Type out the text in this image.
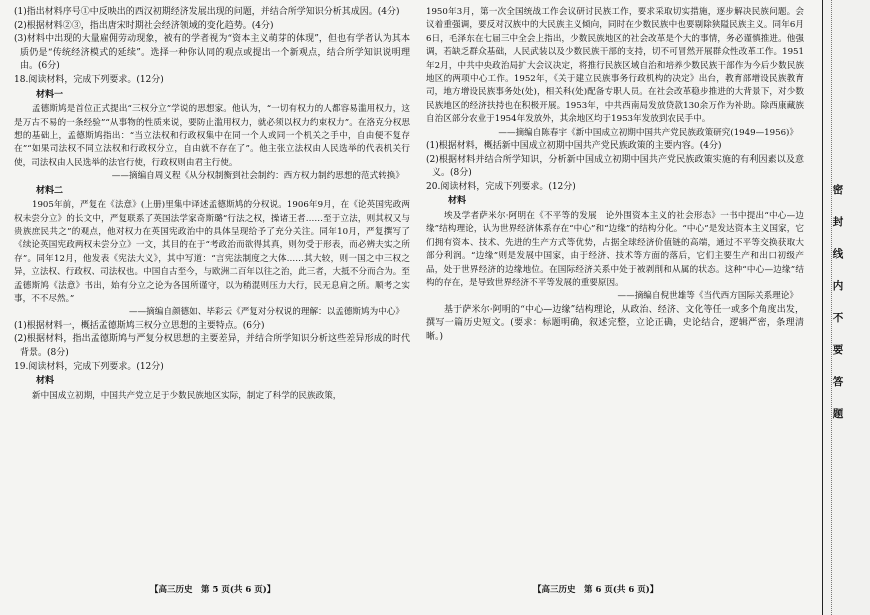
(1)指出材料序号①中反映出的西汉初期经济发展出现的问题，并结合所学知识分析其成因。(4分)

(2)根据材料②③，指出唐宋时期社会经济领域的变化趋势。(4分)

(3)材料中出现的大量雇佣劳动现象，被有的学者视为“资本主义萌芽的体现”，但也有学者认为其本质仍是“传统经济模式的延续”。选择一种你认同的观点或提出一个新观点，结合所学知识说明理由。(6分)

18.阅读材料，完成下列要求。(12分)

材料一

孟德斯鸠是首位正式提出“三权分立”学说的思想家。他认为，“一切有权力的人都容易滥用权力，这是万古不易的一条经验”“从事物的性质来说，要防止滥用权力，就必须以权力约束权力”。在洛克分权思想的基础上，孟德斯鸠指出：“当立法权和行政权集中在同一个人或同一个机关之手中，自由便不复存在”“如果司法权不同立法权和行政权分立，自由就不存在了”。他主张立法权由人民选举的代表机关行使，司法权由人民选举的法官行使，行政权则由君主行使。

——摘编自周义程《从分权制衡到社会制约：西方权力制约思想的范式转换》

材料二

1905年前，严复在《法意》(上册)里集中译述孟德斯鸠的分权说。1906年9月，在《论英国宪政两权未尝分立》的长文中，严复联系了英国法学家奇斯璐“行法之权，操诸王者……至于立法，则其权又与贵族庶民共之”的观点，他对权力在英国宪政治中的具体呈现给予了充分关注。同年10月，严复撰写了《续论英国宪政两权未尝分立》一文，其目的在于“考政治而欲得其真，则勿受于形表，而必辨夫实之所存”。同年12月，他发表《宪法大义》，其中写道：“言宪法制度之大体……其大较，则一国之中三权之异，立法权、行政权、司法权也。中国自古至今，与欧洲二百年以往之治，此三者，大抵不分而合为。至孟德斯鸠《法意》书出，始有分立之论为各国所谨守，以为稍混则压力大行，民无息肩之所。顺考之实事，不不尽然。”

——摘编自颜德如、毕彩云《严复对分权说的理解：以孟德斯鸠为中心》

(1)根据材料一，概括孟德斯鸠三权分立思想的主要特点。(6分)

(2)根据材料，指出孟德斯鸠与严复分权思想的主要差异，并结合所学知识分析这些差异形成的时代背景。(8分)

19.阅读材料，完成下列要求。(12分)

材料

新中国成立初期，中国共产党立足于少数民族地区实际，制定了科学的民族政策，

1950年3月，第一次全国统战工作会议研讨民族工作，要求采取切实措施，逐步解决民族问题。会议着重强调，要反对汉族中的大民族主义倾向，同时在少数民族中也要剔除狭隘民族主义。同年6月6日，毛泽东在七届三中全会上指出，少数民族地区的社会改革是个大的事情，务必谨慎推进。他强调，若缺乏群众基础，人民武装以及少数民族干部的支持，切不可冒然开展群众性改革工作。1951年2月，中共中央政治局扩大会议决定，将推行民族区域自治和培养少数民族干部作为今后少数民族地区的两项中心工作。1952年，《关于建立民族事务行政机构的决定》出台，教育部增设民族教育司，地方增设民族事务处(处)，相关科(处)配备专职人员。在社会改革稳步推进的大背景下，对少数民族地区的经济扶持也在积极开展。1953年，中共西南局发放贷款130余万作为补助。除西康藏族自治区部分农业于1954年发放外，其余地区均于1953年发放到农民手中。

——摘编自陈春宇《新中国成立初期中国共产党民族政策研究(1949—1956)》

(1)根据材料，概括新中国成立初期中国共产党民族政策的主要内容。(4分)

(2)根据材料并结合所学知识，分析新中国成立初期中国共产党民族政策实施的有利因素以及意义。(8分)

20.阅读材料，完成下列要求。(12分)

材料

埃及学者萨米尔·阿明在《不平等的发展　论外围资本主义的社会形态》一书中提出“中心—边缘”结构理论，认为世界经济体系存在“中心”和“边缘”的结构分化。“中心”是发达资本主义国家，它们拥有资本、技术、先进的生产方式等优势，占据全球经济价值链的高端，通过不平等交换获取大部分利润。“边缘”则是发展中国家，由于经济、技术等方面的落后，它们主要生产和出口初级产品，处于世界经济的边缘地位。在国际经济关系中处于被剥削和从属的状态。这种“中心—边缘”结构的存在，是导致世界经济不平等发展的重要原因。

——摘编自倪世雄等《当代西方国际关系理论》

基于萨米尔·阿明的“中心—边缘”结构理论，从政治、经济、文化等任一或多个角度出发，撰写一篇历史短文。(要求：标题明确，叙述完整，立论正确，史论结合，逻辑严密，条理清晰。)

【高三历史　第 5 页(共 6 页)】	【高三历史　第 6 页(共 6 页)】
密
封
线
内
不
要
答
题
